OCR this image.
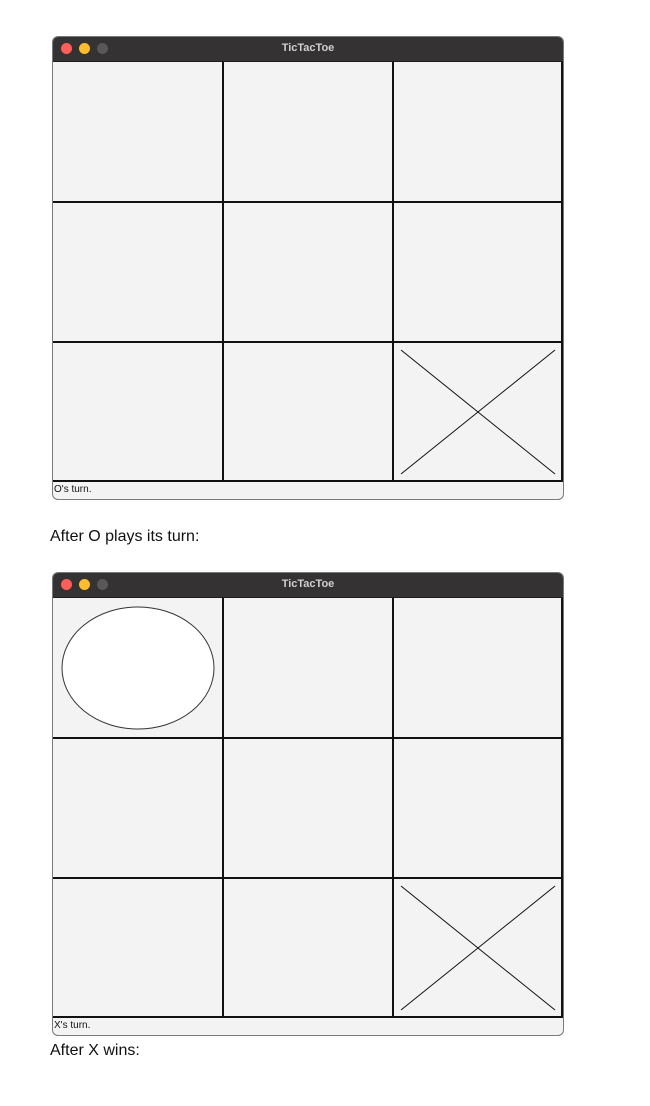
TicTacToe
O's turn.
After O plays its turn:
TicTacToe
X's turn.
After X wins:
